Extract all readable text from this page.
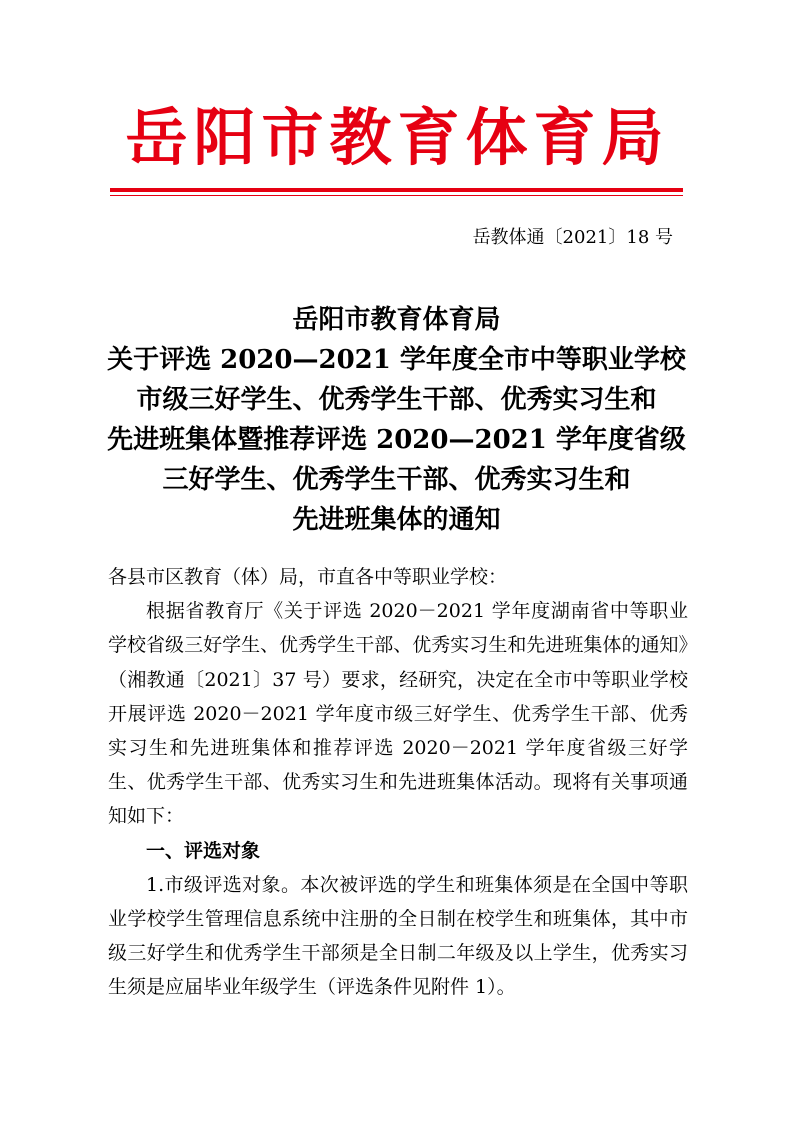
岳阳市教育体育局
岳教体通〔2021〕18 号
岳阳市教育体育局
关于评选 2020—2021 学年度全市中等职业学校
市级三好学生、优秀学生干部、优秀实习生和
先进班集体暨推荐评选 2020—2021 学年度省级
三好学生、优秀学生干部、优秀实习生和
先进班集体的通知

各县市区教育（体）局，市直各中等职业学校：

根据省教育厅《关于评选 2020－2021 学年度湖南省中等职业学校省级三好学生、优秀学生干部、优秀实习生和先进班集体的通知》（湘教通〔2021〕37 号）要求，经研究，决定在全市中等职业学校开展评选 2020－2021 学年度市级三好学生、优秀学生干部、优秀实习生和先进班集体和推荐评选 2020－2021 学年度省级三好学生、优秀学生干部、优秀实习生和先进班集体活动。现将有关事项通知如下：

一、评选对象

1.市级评选对象。本次被评选的学生和班集体须是在全国中等职业学校学生管理信息系统中注册的全日制在校学生和班集体，其中市级三好学生和优秀学生干部须是全日制二年级及以上学生，优秀实习生须是应届毕业年级学生（评选条件见附件 1）。
